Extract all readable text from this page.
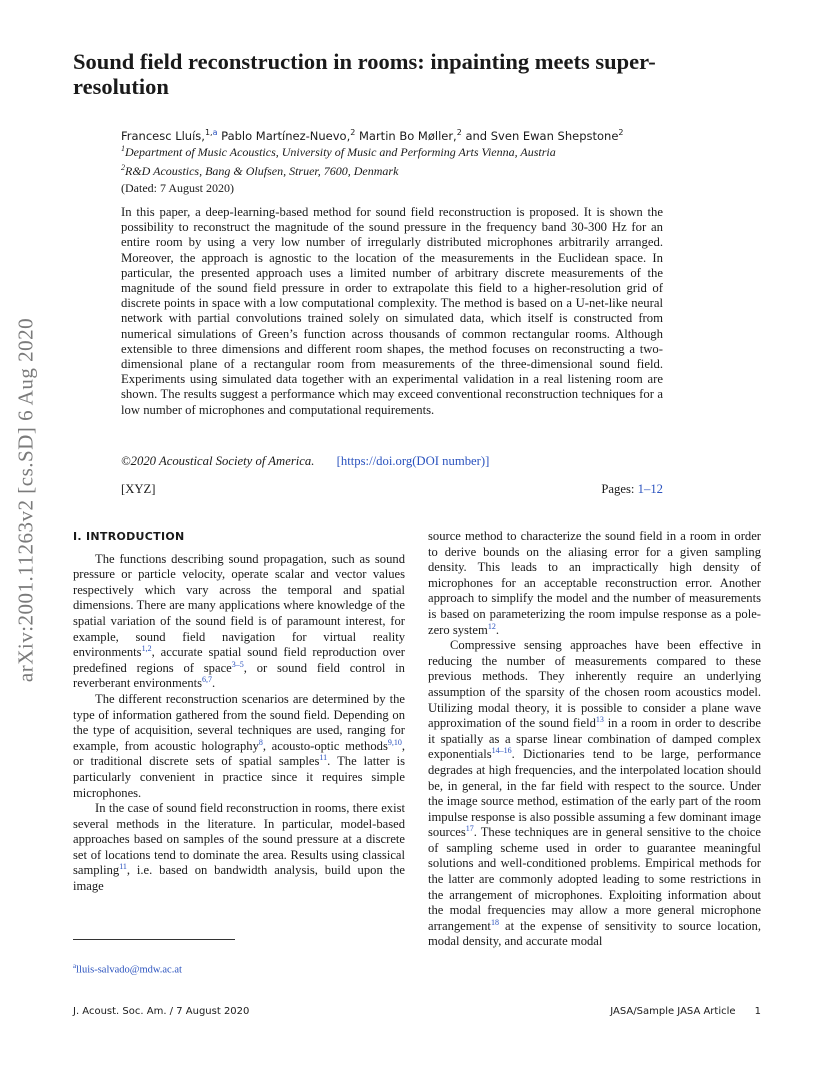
Sound field reconstruction in rooms: inpainting meets super-resolution
Francesc Lluís,$^{1,a}$ Pablo Martínez-Nuevo,$^2$ Martin Bo Møller,$^2$ and Sven Ewan Shepstone$^2$
$^1$Department of Music Acoustics, University of Music and Performing Arts Vienna, Austria
$^2$R&D Acoustics, Bang & Olufsen, Struer, 7600, Denmark
(Dated: 7 August 2020)

In this paper, a deep-learning-based method for sound field reconstruction is proposed. It is shown the possibility to reconstruct the magnitude of the sound pressure in the frequency band 30-300 Hz for an entire room by using a very low number of irregularly distributed microphones arbitrarily arranged. Moreover, the approach is agnostic to the location of the measurements in the Euclidean space. In particular, the presented approach uses a limited number of arbitrary discrete measurements of the magnitude of the sound field pressure in order to extrapolate this field to a higher-resolution grid of discrete points in space with a low computational complexity. The method is based on a U-net-like neural network with partial convolutions trained solely on simulated data, which itself is constructed from numerical simulations of Green’s function across thousands of common rectangular rooms. Although extensible to three dimensions and different room shapes, the method focuses on reconstructing a two-dimensional plane of a rectangular room from measurements of the three-dimensional sound field. Experiments using simulated data together with an experimental validation in a real listening room are shown. The results suggest a performance which may exceed conventional reconstruction techniques for a low number of microphones and computational requirements.

©2020 Acoustical Society of America. [https://doi.org(DOI number)]
[XYZ]	Pages: 1–12
arXiv:2001.11263v2 [cs.SD] 6 Aug 2020	I. INTRODUCTION

The functions describing sound propagation, such as sound pressure or particle velocity, operate scalar and vector values respectively which vary across the temporal and spatial dimensions. There are many applications where knowledge of the spatial variation of the sound field is of paramount interest, for example, sound field navigation for virtual reality environments$^{1,2}$, accurate spatial sound field reproduction over predefined regions of space$^{3-5}$, or sound field control in reverberant environments$^{6,7}$.

The different reconstruction scenarios are determined by the type of information gathered from the sound field. Depending on the type of acquisition, several techniques are used, ranging for example, from acoustic holography$^8$, acousto-optic methods$^{9,10}$, or traditional discrete sets of spatial samples$^{11}$. The latter is particularly convenient in practice since it requires simple microphones.

In the case of sound field reconstruction in rooms, there exist several methods in the literature. In particular, model-based approaches based on samples of the sound pressure at a discrete set of locations tend to dominate the area. Results using classical sampling$^{11}$, i.e. based on bandwidth analysis, build upon the image

source method to characterize the sound field in a room in order to derive bounds on the aliasing error for a given sampling density. This leads to an impractically high density of microphones for an acceptable reconstruction error. Another approach to simplify the model and the number of measurements is based on parameterizing the room impulse response as a pole-zero system$^{12}$.

Compressive sensing approaches have been effective in reducing the number of measurements compared to these previous methods. They inherently require an underlying assumption of the sparsity of the chosen room acoustics model. Utilizing modal theory, it is possible to consider a plane wave approximation of the sound field$^{13}$ in a room in order to describe it spatially as a sparse linear combination of damped complex exponentials$^{14-16}$. Dictionaries tend to be large, performance degrades at high frequencies, and the interpolated location should be, in general, in the far field with respect to the source. Under the image source method, estimation of the early part of the room impulse response is also possible assuming a few dominant image sources$^{17}$. These techniques are in general sensitive to the choice of sampling scheme used in order to guarantee meaningful solutions and well-conditioned problems. Empirical methods for the latter are commonly adopted leading to some restrictions in the arrangement of microphones. Exploiting information about the modal frequencies may allow a more general microphone arrangement$^{18}$ at the expense of sensitivity to source location, modal density, and accurate modal

$^a$lluis-salvado@mdw.ac.at
J. Acoust. Soc. Am. / 7 August 2020	JASA/Sample JASA Article 1
